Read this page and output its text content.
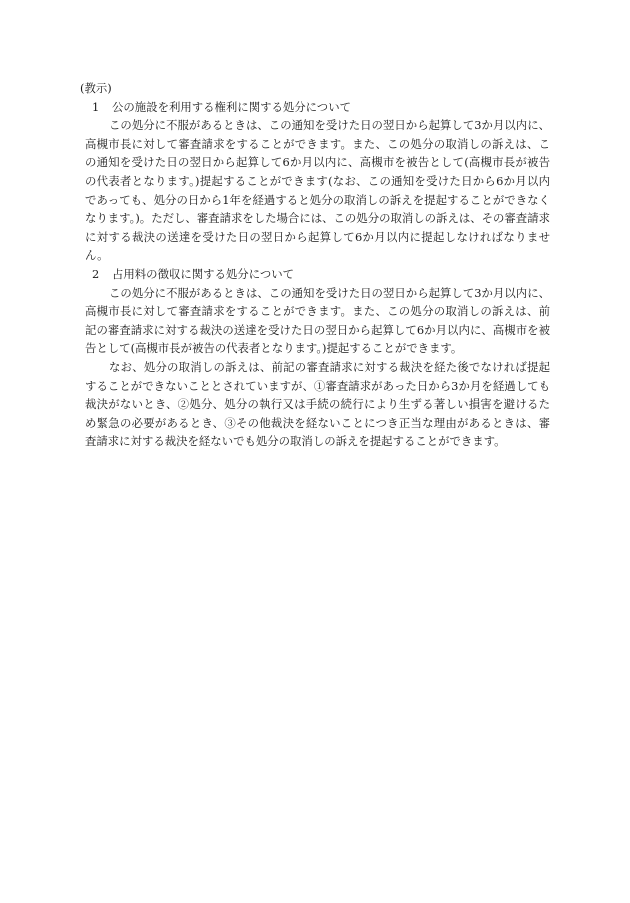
(教示)

1 公の施設を利用する権利に関する処分について

この処分に不服があるときは、この通知を受けた日の翌日から起算して3か月以内に、高槻市長に対して審査請求をすることができます。また、この処分の取消しの訴えは、この通知を受けた日の翌日から起算して6か月以内に、高槻市を被告として(高槻市長が被告の代表者となります。)提起することができます(なお、この通知を受けた日から6か月以内であっても、処分の日から1年を経過すると処分の取消しの訴えを提起することができなくなります。)。ただし、審査請求をした場合には、この処分の取消しの訴えは、その審査請求に対する裁決の送達を受けた日の翌日から起算して6か月以内に提起しなければなりません。

2 占用料の徴収に関する処分について

この処分に不服があるときは、この通知を受けた日の翌日から起算して3か月以内に、高槻市長に対して審査請求をすることができます。また、この処分の取消しの訴えは、前記の審査請求に対する裁決の送達を受けた日の翌日から起算して6か月以内に、高槻市を被告として(高槻市長が被告の代表者となります。)提起することができます。

なお、処分の取消しの訴えは、前記の審査請求に対する裁決を経た後でなければ提起することができないこととされていますが、①審査請求があった日から3か月を経過しても裁決がないとき、②処分、処分の執行又は手続の続行により生ずる著しい損害を避けるため緊急の必要があるとき、③その他裁決を経ないことにつき正当な理由があるときは、審査請求に対する裁決を経ないでも処分の取消しの訴えを提起することができます。
